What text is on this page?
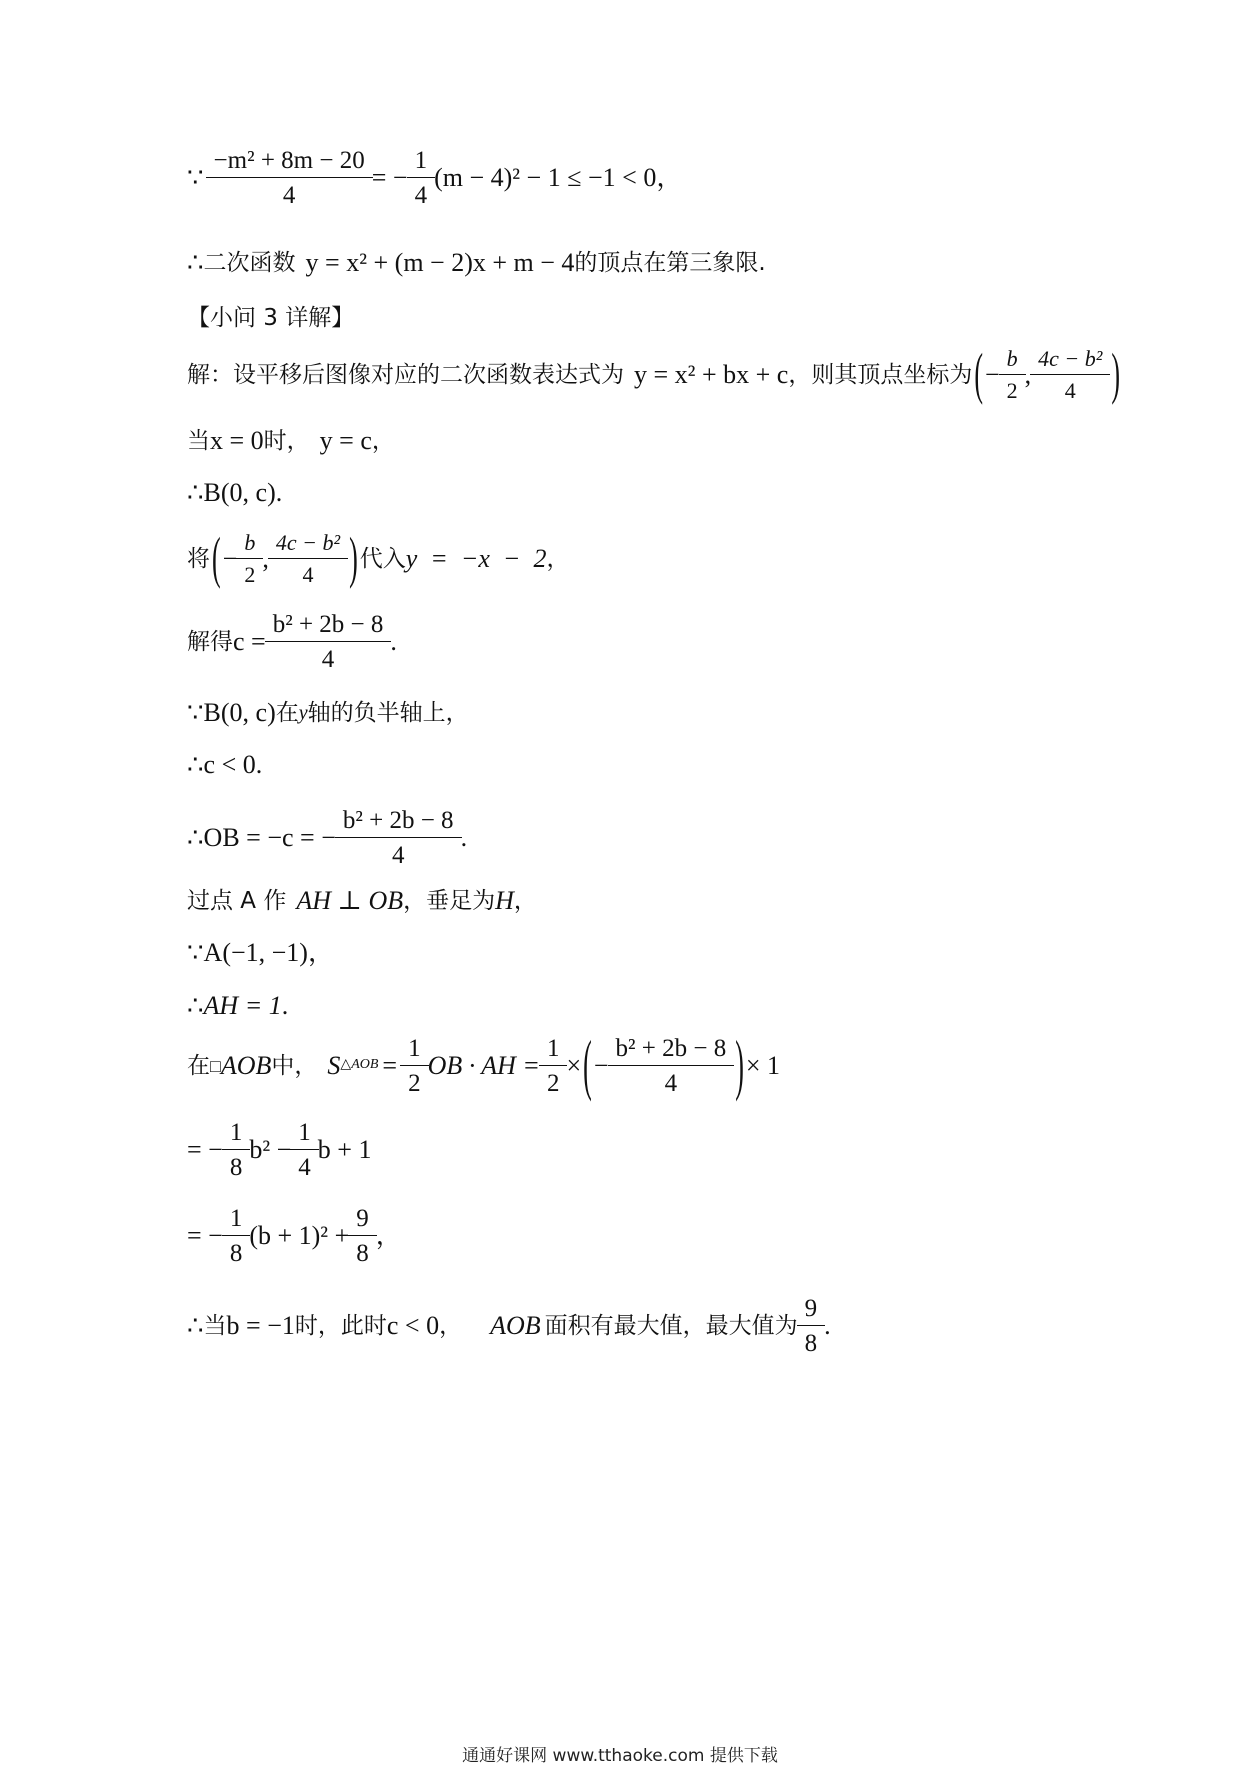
∵ $\frac{\text{−m² + 8m − 20}}{4}$ = − $\frac{1}{4} (m - 4)^2 - 1 \le -1 < 0$，
∴ 二次函数 y = x² + (m − 2)x + m − 4 的顶点在第三象限.
【小问 3 详解】
解：设平移后图像对应的二次函数表达式为 y = x² + bx + c ，则其顶点坐标为 ( − $\frac{b}{2}$ , $\frac{\text{4c − b²}}{4}$ )
当 x = 0 时， y = c ，
∴ B(0, c) .
将 ( − $\frac{b}{2}$ , $\frac{\text{4c − b²}}{4}$ ) 代入 y  =  −x  −  2 ，
解得 $c = \frac{\text{b² + 2b − 8}}{4}$ .
∵ B(0, c) 在 y 轴的负半轴上，
∴ c < 0 .
∴ OB = −c = − $\frac{\text{b² + 2b − 8}}{4}$ .
过点 A 作 AH ⊥ OB ，垂足为 H ，
∵ A(−1, −1) ，
∴ AH = 1 .
在 □ AOB 中， S △AOB = $\frac{1}{2}$ OB · AH = $\frac{1}{2}$ × ( − $\frac{\text{b² + 2b − 8}}{4}$ ) × 1
= − $\frac{1}{8} b^2 - \frac{1}{4}$ b + 1
= − $\frac{1}{8} (b + 1)^2 + \frac{9}{8}$ ，
∴ 当 b = −1 时，此时 c < 0 ， AOB 面积有最大值，最大值为 $\frac{9}{8}$ .
通通好课网 www.tthaoke.com 提供下载
